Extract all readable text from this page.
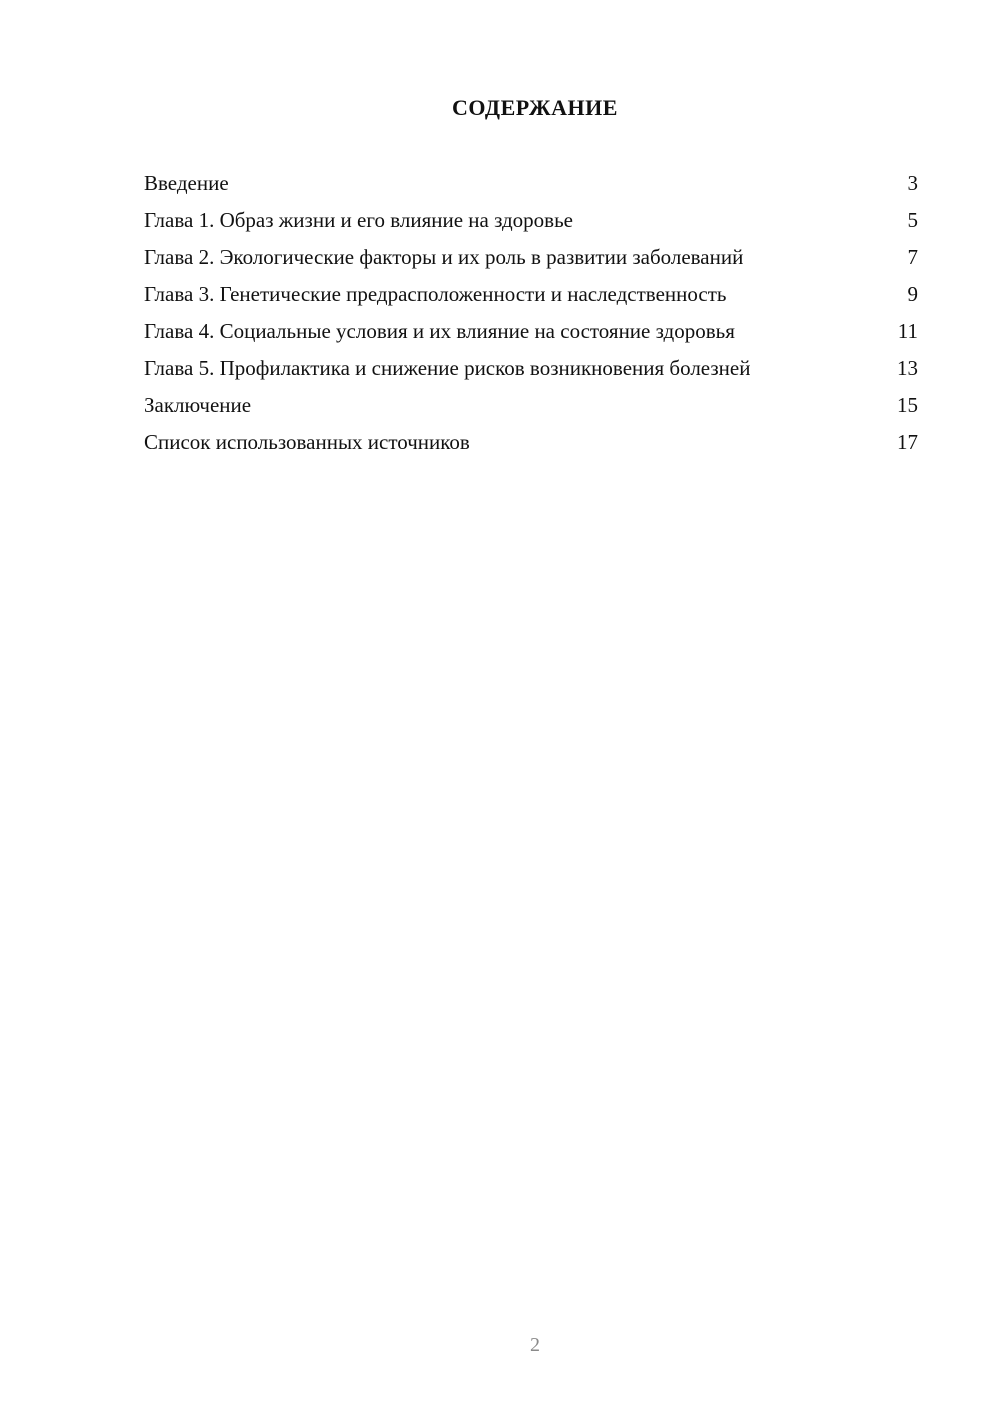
СОДЕРЖАНИЕ
Введение	3
Глава 1. Образ жизни и его влияние на здоровье	5
Глава 2. Экологические факторы и их роль в развитии заболеваний	7
Глава 3. Генетические предрасположенности и наследственность	9
Глава 4. Социальные условия и их влияние на состояние здоровья	11
Глава 5. Профилактика и снижение рисков возникновения болезней	13
Заключение	15
Список использованных источников	17
2
